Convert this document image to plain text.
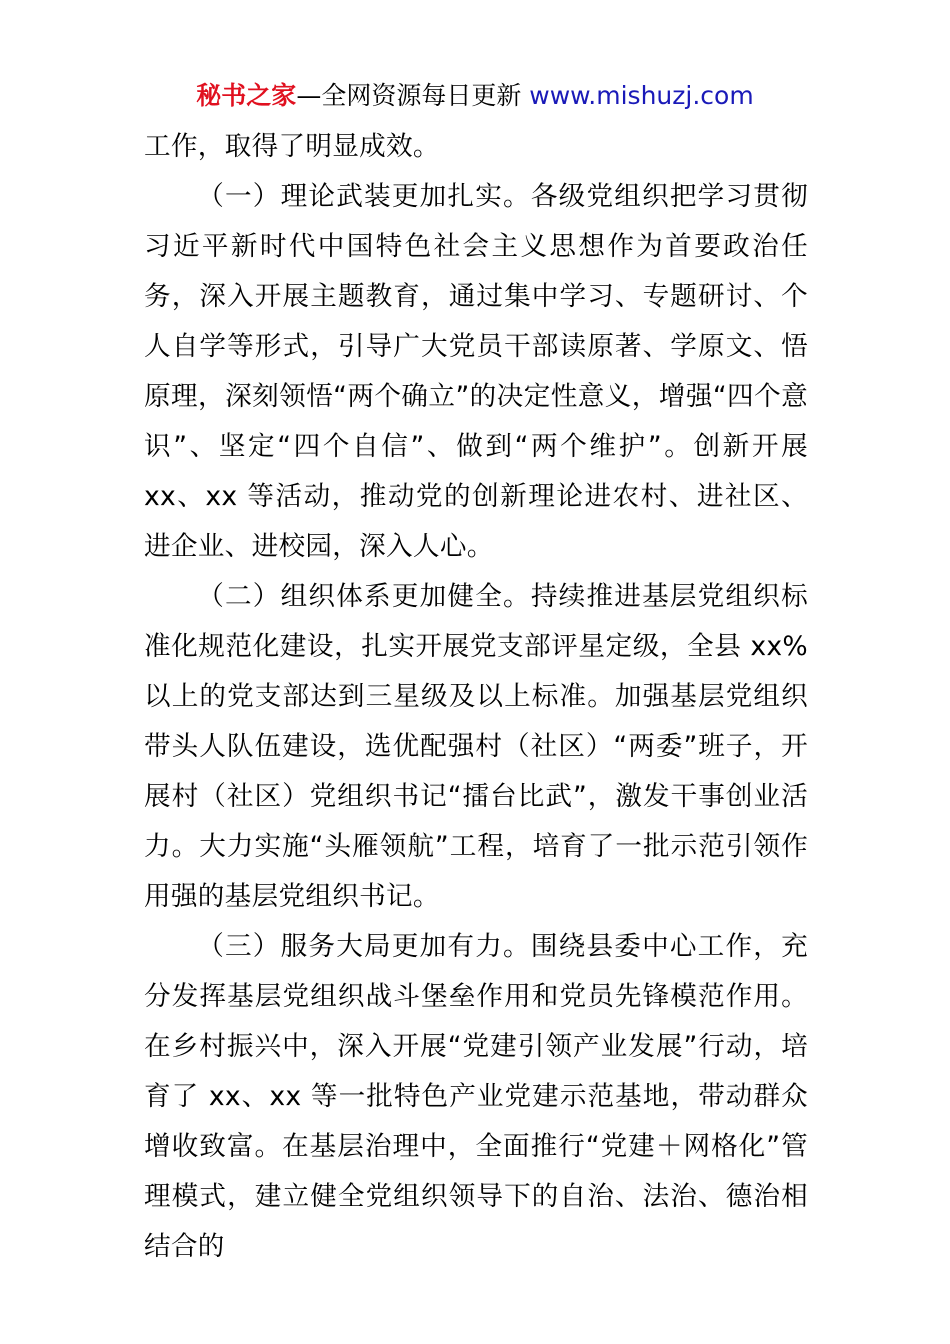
秘书之家—全网资源每日更新 www.mishuzj.com

工作，取得了明显成效。

（一）理论武装更加扎实。各级党组织把学习贯彻习近平新时代中国特色社会主义思想作为首要政治任务，深入开展主题教育，通过集中学习、专题研讨、个人自学等形式，引导广大党员干部读原著、学原文、悟原理，深刻领悟“两个确立”的决定性意义，增强“四个意识”、坚定“四个自信”、做到“两个维护”。创新开展 xx、xx 等活动，推动党的创新理论进农村、进社区、进企业、进校园，深入人心。

（二）组织体系更加健全。持续推进基层党组织标准化规范化建设，扎实开展党支部评星定级，全县 xx%以上的党支部达到三星级及以上标准。加强基层党组织带头人队伍建设，选优配强村（社区）“两委”班子，开展村（社区）党组织书记“擂台比武”，激发干事创业活力。大力实施“头雁领航”工程，培育了一批示范引领作用强的基层党组织书记。

（三）服务大局更加有力。围绕县委中心工作，充分发挥基层党组织战斗堡垒作用和党员先锋模范作用。在乡村振兴中，深入开展“党建引领产业发展”行动，培育了 xx、xx 等一批特色产业党建示范基地，带动群众增收致富。在基层治理中，全面推行“党建＋网格化”管理模式，建立健全党组织领导下的自治、法治、德治相结合的
